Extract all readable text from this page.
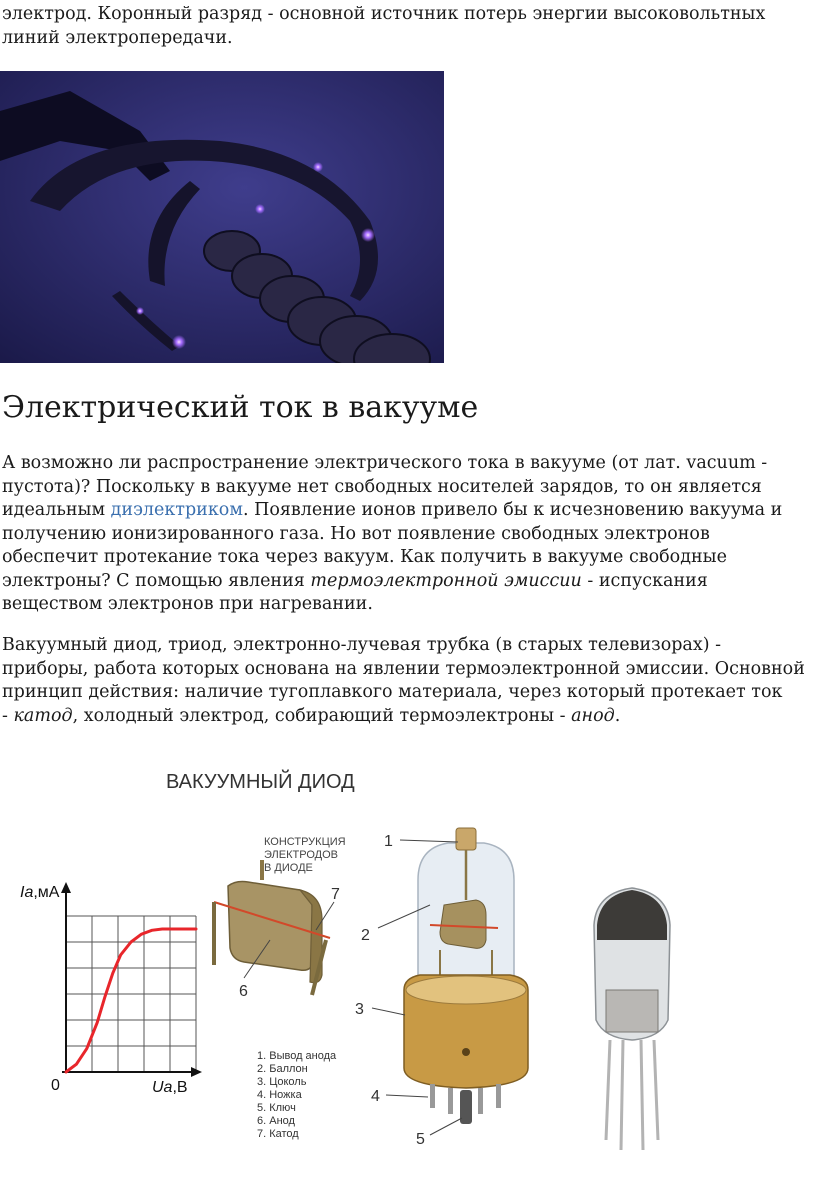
электрод. Коронный разряд - основной источник потерь энергии высоковольтных
линий электропередачи.

Электрический ток в вакууме

А возможно ли распространение электрического тока в вакууме (от лат. vacuum -
пустота)? Поскольку в вакууме нет свободных носителей зарядов, то он является
идеальным диэлектриком. Появление ионов привело бы к исчезновению вакуума и
получению ионизированного газа. Но вот появление свободных электронов
обеспечит протекание тока через вакуум. Как получить в вакууме свободные
электроны? С помощью явления термоэлектронной эмиссии - испускания
веществом электронов при нагревании.

Вакуумный диод, триод, электронно-лучевая трубка (в старых телевизорах) -
приборы, работа которых основана на явлении термоэлектронной эмиссии. Основной
принцип действия: наличие тугоплавкого материала, через который протекает ток
- катод, холодный электрод, собирающий термоэлектроны - анод.

ВАКУУМНЫЙ ДИОД
Ia,мА
Ua,В
0
КОНСТРУКЦИЯ ЭЛЕКТРОДОВ В ДИОДЕ
6
7
1. Вывод анода
2. Баллон
3. Цоколь
4. Ножка
5. Ключ
6. Анод
7. Катод
1
2
3
4
5
